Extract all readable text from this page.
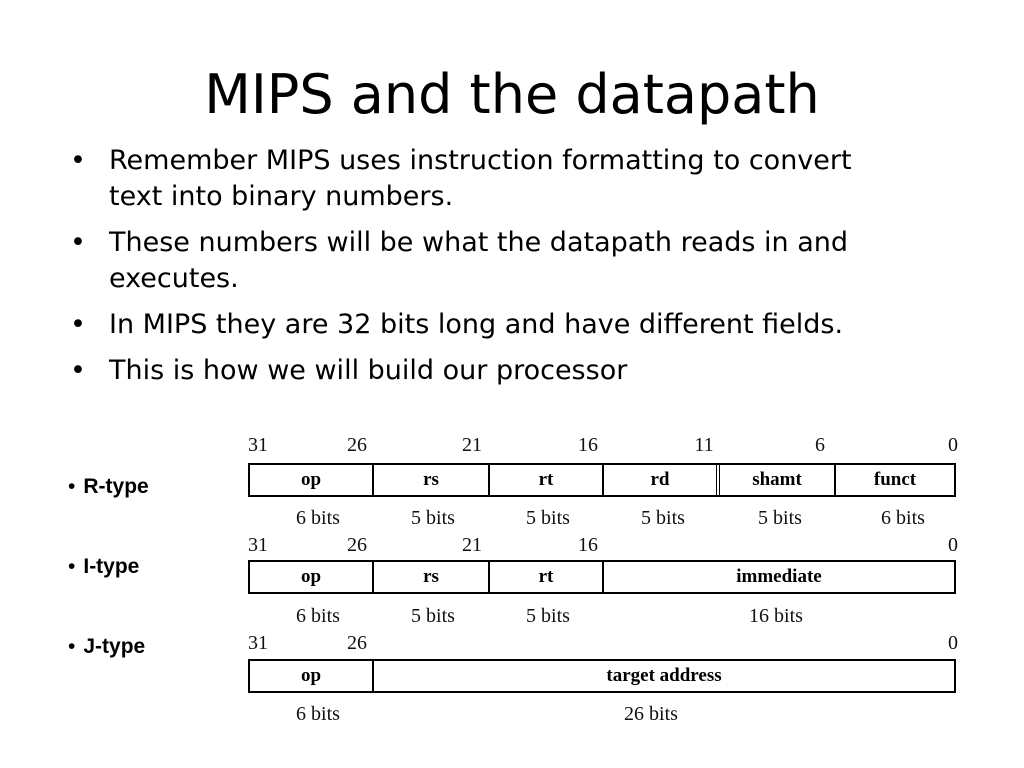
MIPS and the datapath
• Remember MIPS uses instruction formatting to convert
text into binary numbers.
• These numbers will be what the datapath reads in and
executes.
• In MIPS they are 32 bits long and have different fields.
• This is how we will build our processor
• R-type
31	26	21	16	11	6	0
op	rs	rt	rd	shamt	funct
6 bits	5 bits	5 bits	5 bits	5 bits	6 bits
• I-type
31	26	21	16	0
op	rs	rt	immediate
6 bits	5 bits	5 bits	16 bits
• J-type	31	26	0
op	target address
6 bits	26 bits
